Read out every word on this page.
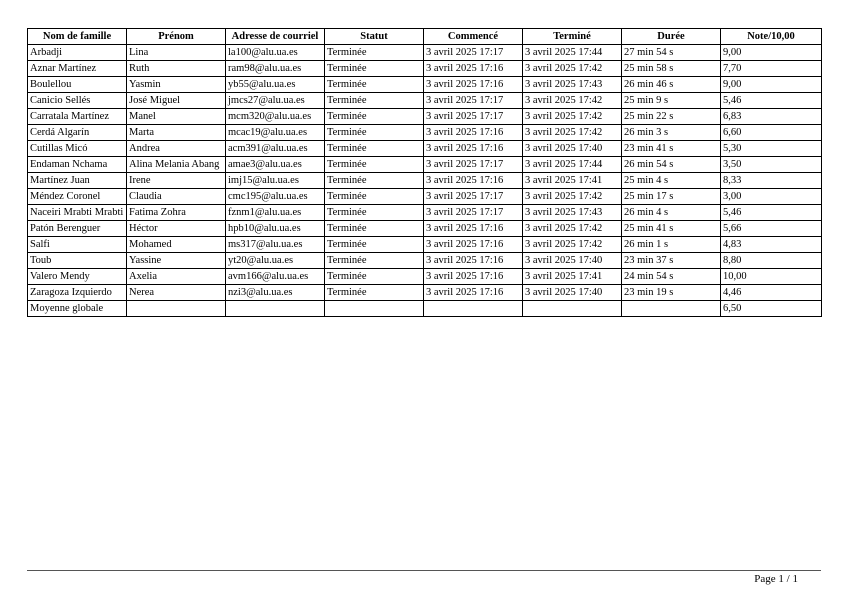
Nom de famille	Prénom	Adresse de courriel	Statut	Commencé	Terminé	Durée	Note/10,00
Arbadji	Lina	la100@alu.ua.es	Terminée	3 avril 2025 17:17	3 avril 2025 17:44	27 min 54 s	9,00
Aznar Martínez	Ruth	ram98@alu.ua.es	Terminée	3 avril 2025 17:16	3 avril 2025 17:42	25 min 58 s	7,70
Boulellou	Yasmin	yb55@alu.ua.es	Terminée	3 avril 2025 17:16	3 avril 2025 17:43	26 min 46 s	9,00
Canicio Sellés	José Miguel	jmcs27@alu.ua.es	Terminée	3 avril 2025 17:17	3 avril 2025 17:42	25 min 9 s	5,46
Carratala Martínez	Manel	mcm320@alu.ua.es	Terminée	3 avril 2025 17:17	3 avril 2025 17:42	25 min 22 s	6,83
Cerdá Algarín	Marta	mcac19@alu.ua.es	Terminée	3 avril 2025 17:16	3 avril 2025 17:42	26 min 3 s	6,60
Cutillas Micó	Andrea	acm391@alu.ua.es	Terminée	3 avril 2025 17:16	3 avril 2025 17:40	23 min 41 s	5,30
Endaman Nchama	Alina Melania Abang	amae3@alu.ua.es	Terminée	3 avril 2025 17:17	3 avril 2025 17:44	26 min 54 s	3,50
Martínez Juan	Irene	imj15@alu.ua.es	Terminée	3 avril 2025 17:16	3 avril 2025 17:41	25 min 4 s	8,33
Méndez Coronel	Claudia	cmc195@alu.ua.es	Terminée	3 avril 2025 17:17	3 avril 2025 17:42	25 min 17 s	3,00
Naceiri Mrabti Mrabti	Fatima Zohra	fznm1@alu.ua.es	Terminée	3 avril 2025 17:17	3 avril 2025 17:43	26 min 4 s	5,46
Patón Berenguer	Héctor	hpb10@alu.ua.es	Terminée	3 avril 2025 17:16	3 avril 2025 17:42	25 min 41 s	5,66
Salfi	Mohamed	ms317@alu.ua.es	Terminée	3 avril 2025 17:16	3 avril 2025 17:42	26 min 1 s	4,83
Toub	Yassine	yt20@alu.ua.es	Terminée	3 avril 2025 17:16	3 avril 2025 17:40	23 min 37 s	8,80
Valero Mendy	Axelia	avm166@alu.ua.es	Terminée	3 avril 2025 17:16	3 avril 2025 17:41	24 min 54 s	10,00
Zaragoza Izquierdo	Nerea	nzi3@alu.ua.es	Terminée	3 avril 2025 17:16	3 avril 2025 17:40	23 min 19 s	4,46
Moyenne globale							6,50
Page 1 / 1
